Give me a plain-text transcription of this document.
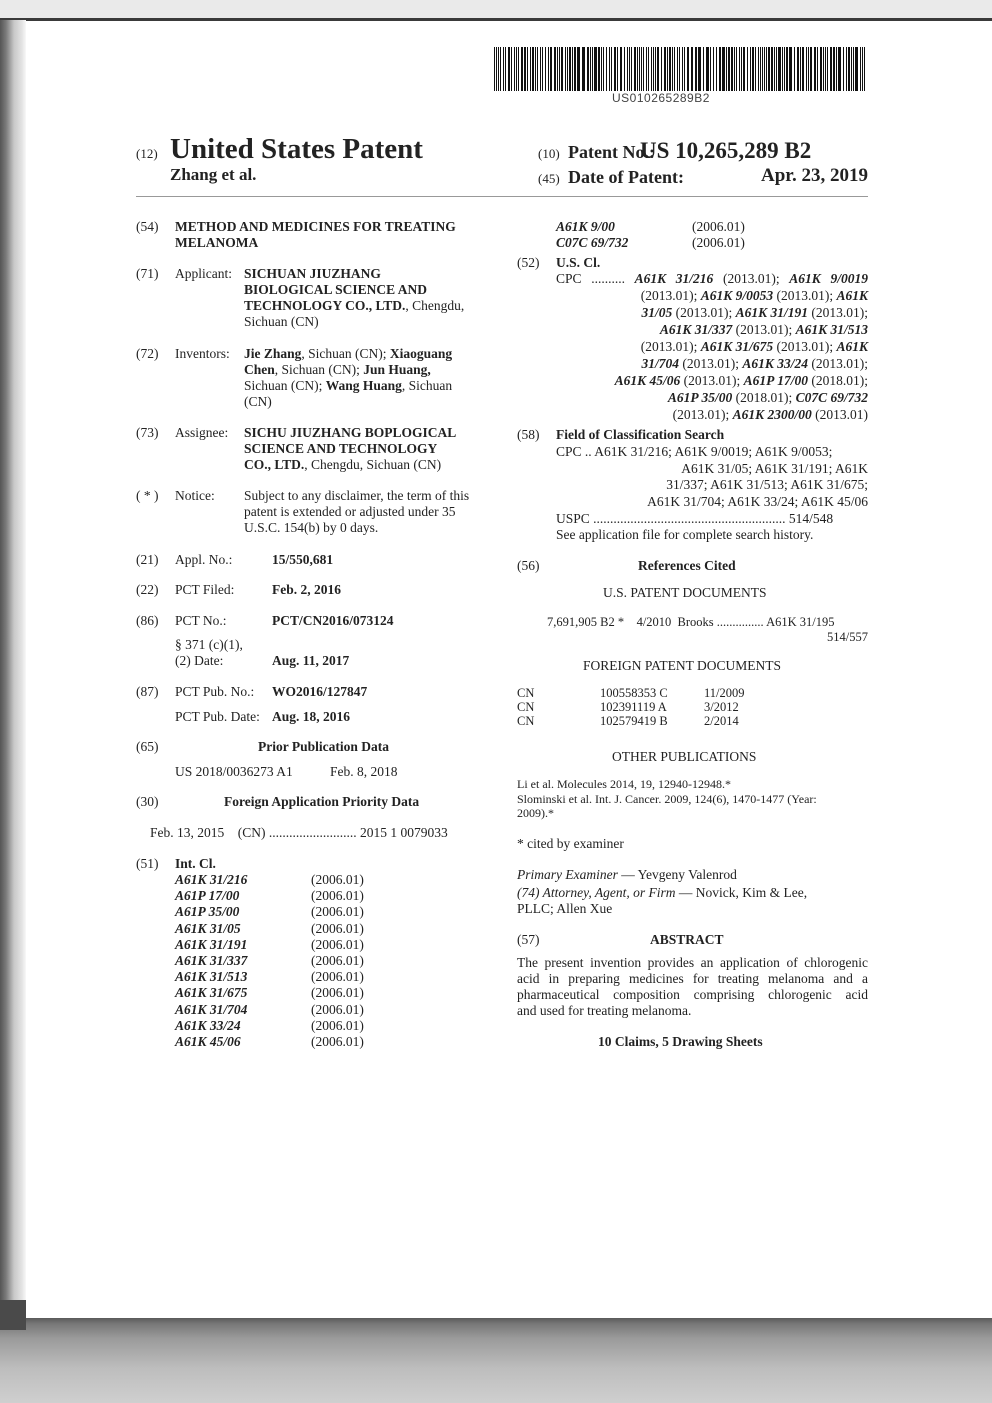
US010265289B2
(12) United States Patent
Zhang et al.
(10) Patent No.:
US 10,265,289 B2
(45) Date of Patent:	Apr. 23, 2019
(54) METHOD AND MEDICINES FOR TREATING
MELANOMA
(71) Applicant: SICHUAN JIUZHANG
BIOLOGICAL SCIENCE AND
TECHNOLOGY CO., LTD., Chengdu,
Sichuan (CN)
(72) Inventors: Jie Zhang, Sichuan (CN); Xiaoguang
Chen, Sichuan (CN); Jun Huang,
Sichuan (CN); Wang Huang, Sichuan
(CN)
(73) Assignee: SICHU JIUZHANG BOPLOGICAL
SCIENCE AND TECHNOLOGY
CO., LTD., Chengdu, Sichuan (CN)
( * ) Notice: Subject to any disclaimer, the term of this
patent is extended or adjusted under 35
U.S.C. 154(b) by 0 days.
(21) Appl. No.:	15/550,681
(22) PCT Filed:	Feb. 2, 2016
(86) PCT No.:	PCT/CN2016/073124
§ 371 (c)(1),
(2) Date:	Aug. 11, 2017
(87) PCT Pub. No.: WO2016/127847
PCT Pub. Date: Aug. 18, 2016
(65)	Prior Publication Data
US 2018/0036273 A1	Feb. 8, 2018
(30)	Foreign Application Priority Data
Feb. 13, 2015    (CN) .......................... 2015 1 0079033
(51) Int. Cl.
A61K 31/216	(2006.01)
A61P 17/00	(2006.01)
A61P 35/00	(2006.01)
A61K 31/05	(2006.01)
A61K 31/191	(2006.01)
A61K 31/337	(2006.01)
A61K 31/513	(2006.01)
A61K 31/675	(2006.01)
A61K 31/704	(2006.01)
A61K 33/24	(2006.01)
A61K 45/06	(2006.01)
A61K 9/00	(2006.01)
C07C 69/732	(2006.01)
(52) U.S. Cl.
CPC .......... A61K 31/216 (2013.01); A61K 9/0019
(2013.01); A61K 9/0053 (2013.01); A61K
31/05 (2013.01); A61K 31/191 (2013.01);
A61K 31/337 (2013.01); A61K 31/513
(2013.01); A61K 31/675 (2013.01); A61K
31/704 (2013.01); A61K 33/24 (2013.01);
A61K 45/06 (2013.01); A61P 17/00 (2018.01);
A61P 35/00 (2018.01); C07C 69/732
(2013.01); A61K 2300/00 (2013.01)
(58) Field of Classification Search
CPC .. A61K 31/216; A61K 9/0019; A61K 9/0053;
A61K 31/05; A61K 31/191; A61K
31/337; A61K 31/513; A61K 31/675;
A61K 31/704; A61K 33/24; A61K 45/06
USPC ......................................................... 514/548
See application file for complete search history.
(56)	References Cited
U.S. PATENT DOCUMENTS
7,691,905 B2 *    4/2010  Brooks ............... A61K 31/195
514/557
FOREIGN PATENT DOCUMENTS
CN	100558353 C	11/2009
CN	102391119 A	3/2012
CN	102579419 B	2/2014
OTHER PUBLICATIONS
Li et al. Molecules 2014, 19, 12940-12948.*
Slominski et al. Int. J. Cancer. 2009, 124(6), 1470-1477 (Year:
2009).*
* cited by examiner
Primary Examiner — Yevgeny Valenrod
(74) Attorney, Agent, or Firm — Novick, Kim & Lee,
PLLC; Allen Xue
(57)	ABSTRACT
The present invention provides an application of chlorogenic
acid in preparing medicines for treating melanoma and a
pharmaceutical composition comprising chlorogenic acid
and used for treating melanoma.
10 Claims, 5 Drawing Sheets
